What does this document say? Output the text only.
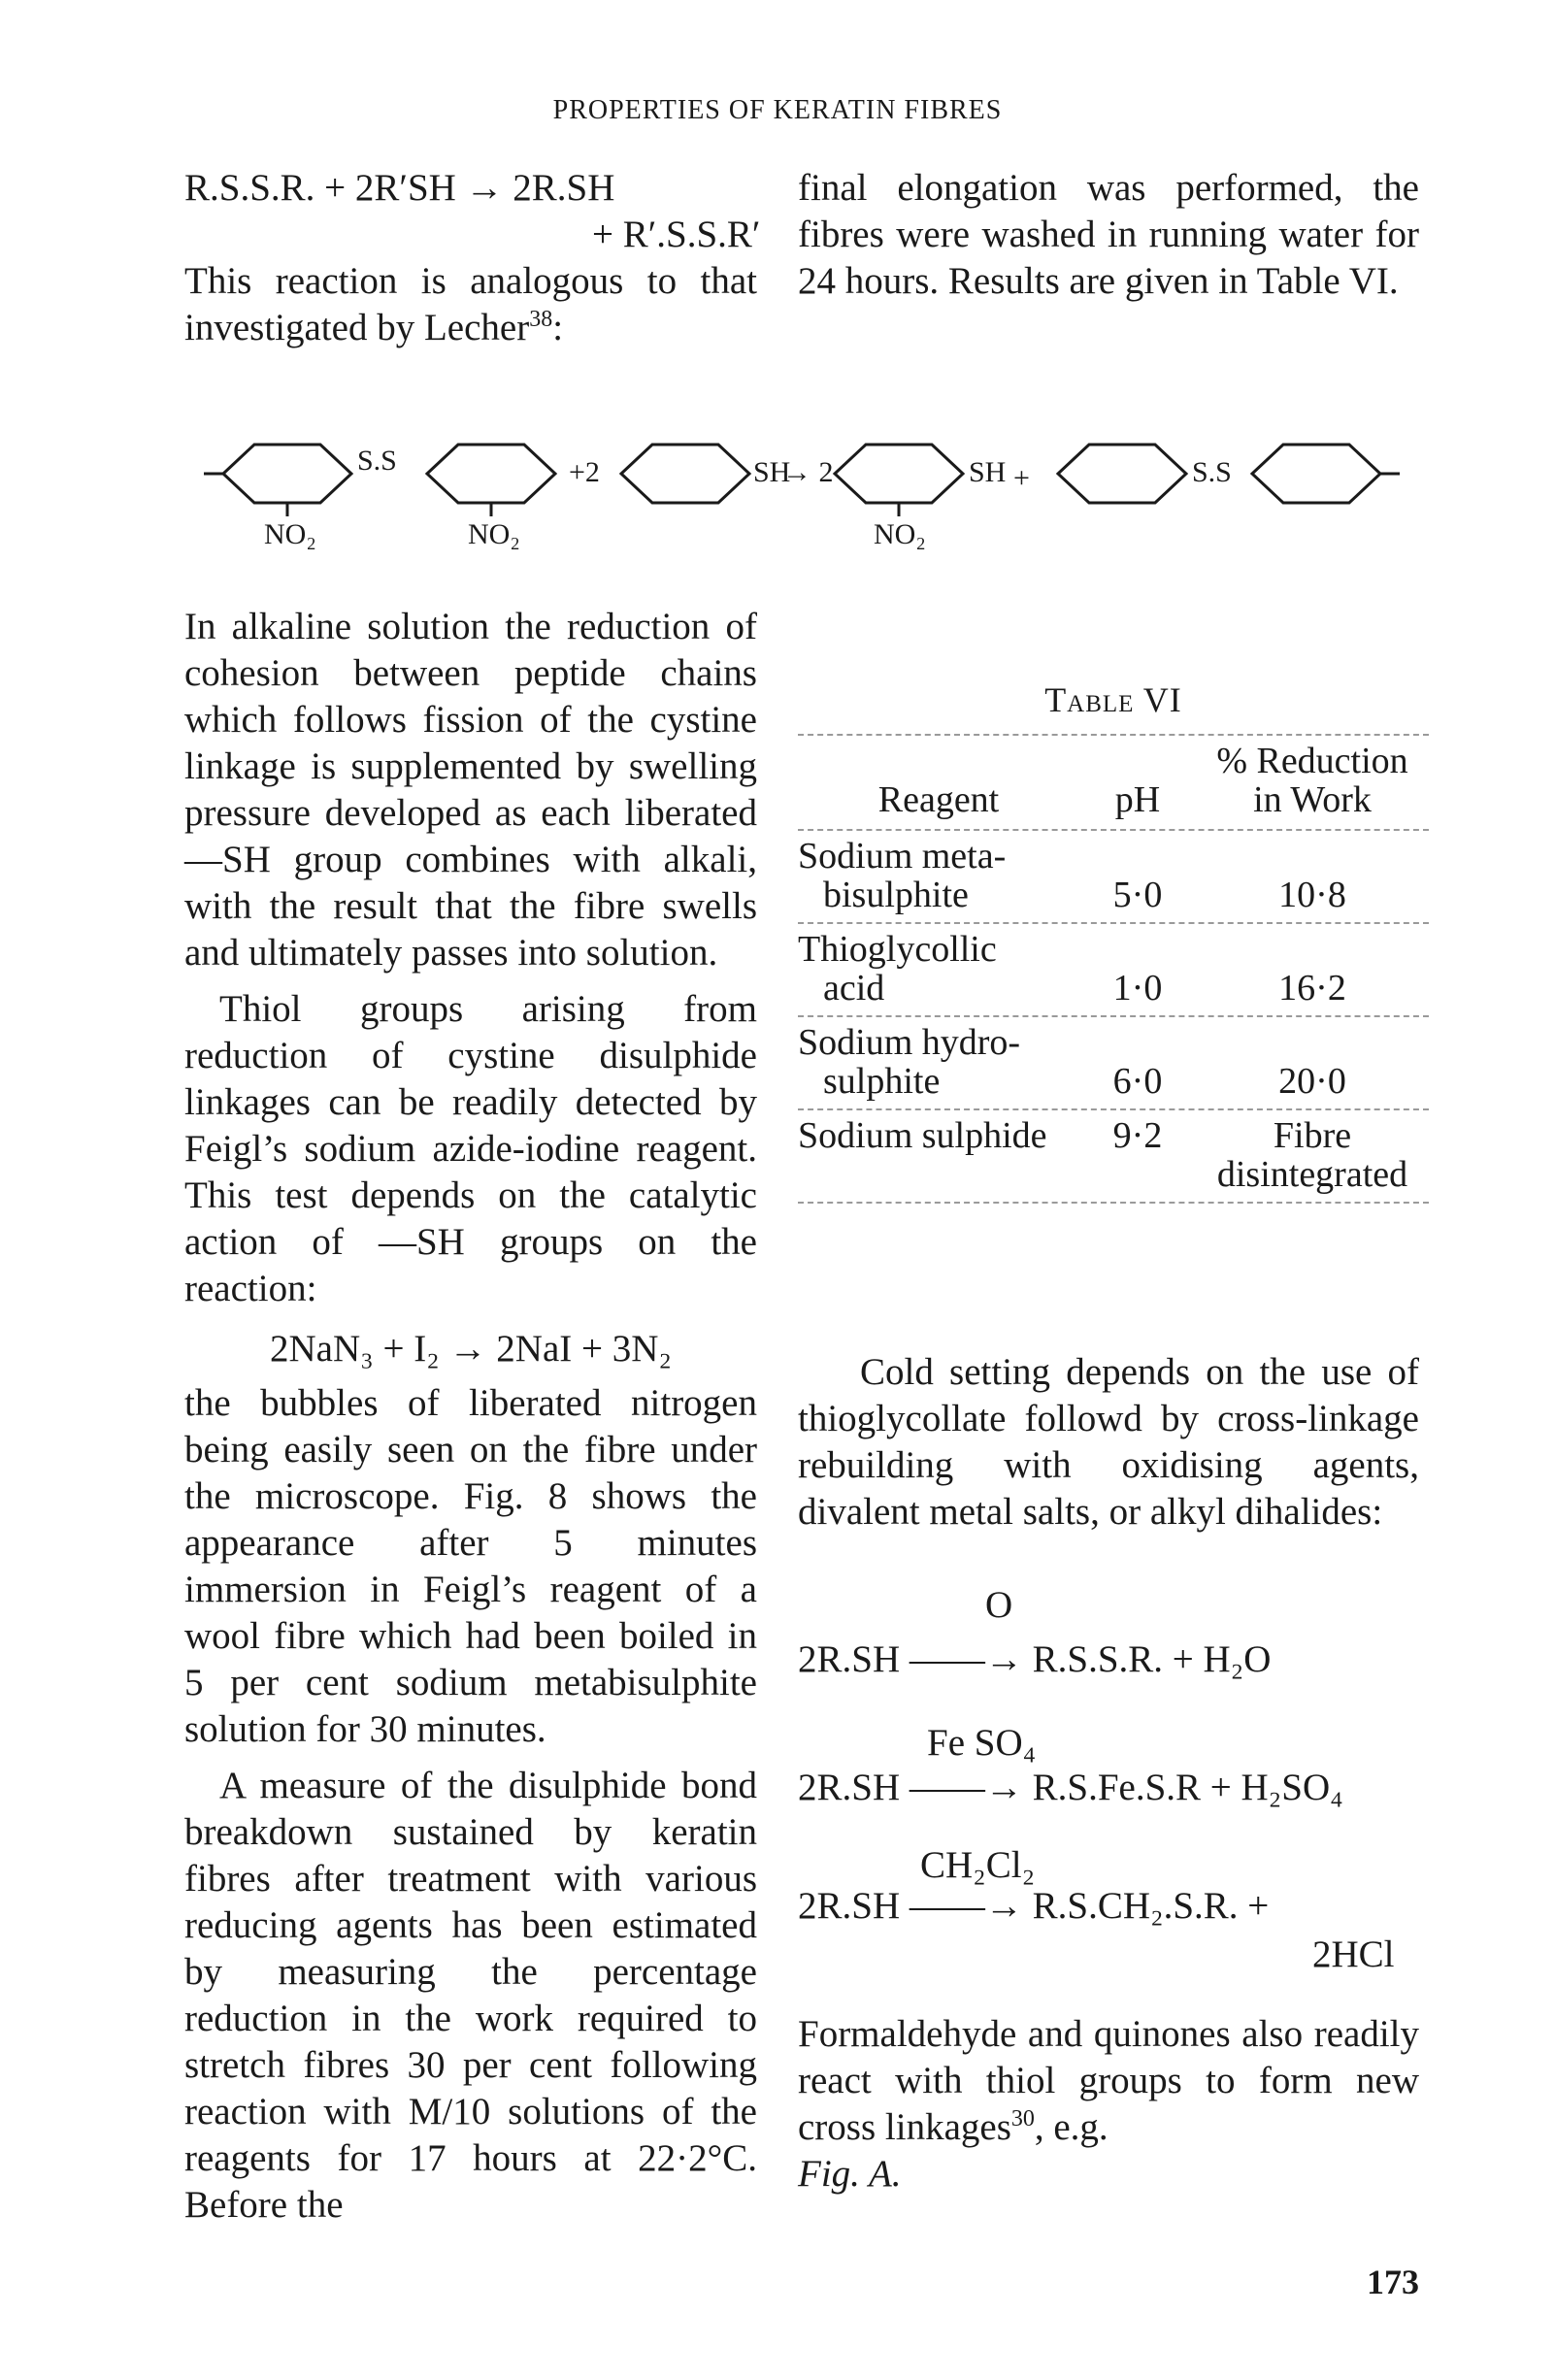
PROPERTIES OF KERATIN FIBRES
R.S.S.R. + 2R′SH → 2R.SH
+ R′.S.S.R′

This reaction is analogous to that investigated by Lecher$^{38}$:

final elongation was performed, the fibres were washed in running water for 24 hours. Results are given in Table VI.

S.S
NO₂	NO₂
+2	SH
→ 2	SH +
NO₂
S.S

In alkaline solution the reduction of cohesion between peptide chains which follows fission of the cystine linkage is supplemented by swelling pressure developed as each liberated —SH group combines with alkali, with the result that the fibre swells and ultimately passes into solution.

Thiol groups arising from reduction of cystine disulphide linkages can be readily detected by Feigl’s sodium azide-iodine reagent. This test depends on the catalytic action of —SH groups on the reaction:

2NaN₃ + I₂ → 2NaI + 3N₂

the bubbles of liberated nitrogen being easily seen on the fibre under the microscope. Fig. 8 shows the appearance after 5 minutes immersion in Feigl’s reagent of a wool fibre which had been boiled in 5 per cent sodium metabisulphite solution for 30 minutes.

A measure of the disulphide bond breakdown sustained by keratin fibres after treatment with various reducing agents has been estimated by measuring the percentage reduction in the work required to stretch fibres 30 per cent following reaction with M/10 solutions of the reagents for 17 hours at 22·2°C. Before the

Table VI
Reagent	pH
% Reduction
in Work
Sodium meta-
bisulphite	5·0	10·8
Thioglycollic
acid	1·0	16·2
Sodium hydro-
sulphite	6·0	20·0
Sodium sulphide	9·2	Fibre
disintegrated

Cold setting depends on the use of thioglycollate followd by cross-linkage rebuilding with oxidising agents, divalent metal salts, or alkyl dihalides:

O
2R.SH ——→ R.S.S.R. + H₂O
Fe SO₄
2R.SH ——→ R.S.Fe.S.R + H₂SO₄
CH₂Cl₂
2R.SH ——→ R.S.CH₂.S.R. +
2HCl

Formaldehyde and quinones also readily react with thiol groups to form new cross linkages$^{30}$, e.g.
Fig. A.

173
